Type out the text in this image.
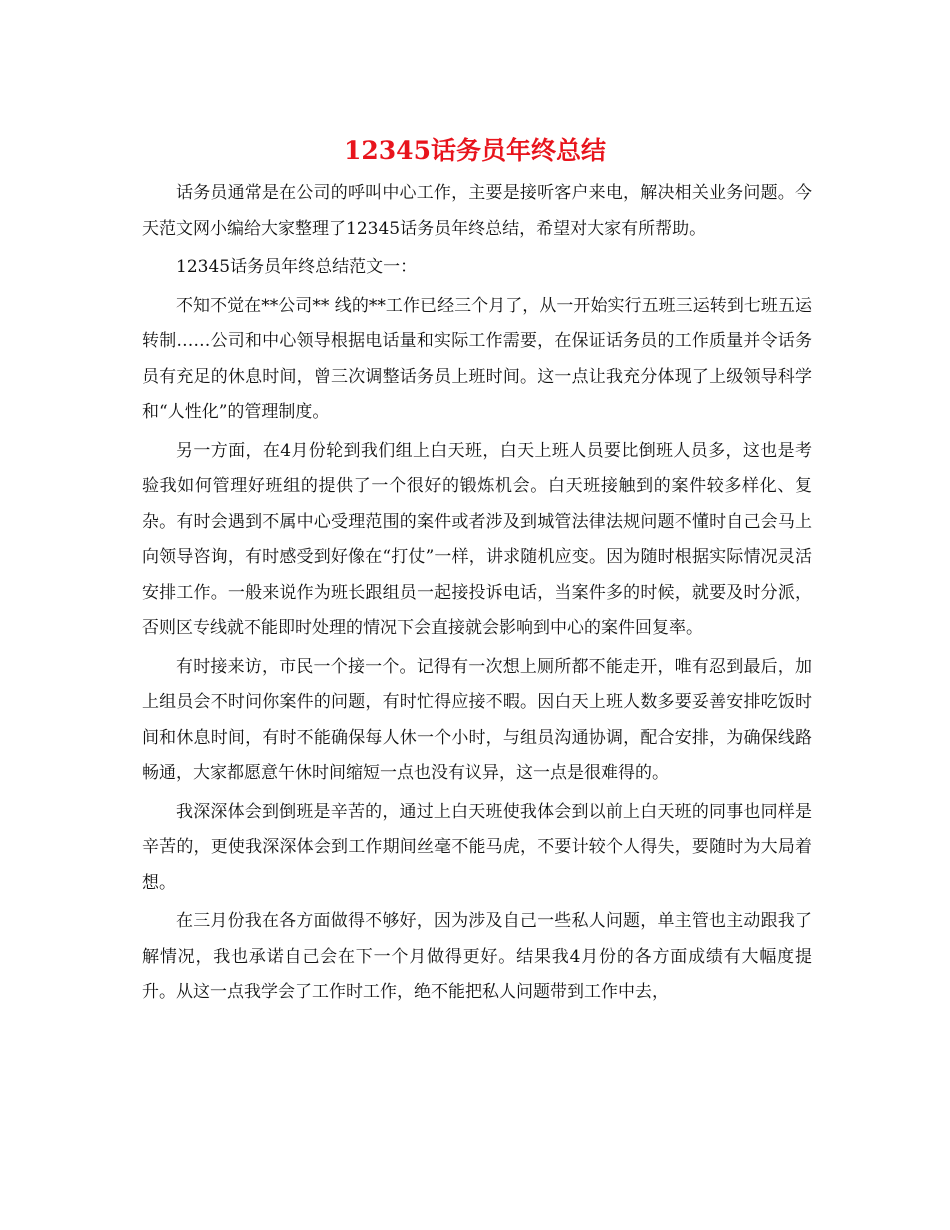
12345话务员年终总结

话务员通常是在公司的呼叫中心工作，主要是接听客户来电，解决相关业务问题。今天范文网小编给大家整理了12345话务员年终总结，希望对大家有所帮助。

12345话务员年终总结范文一：

不知不觉在**公司** 线的**工作已经三个月了，从一开始实行五班三运转到七班五运转制……公司和中心领导根据电话量和实际工作需要，在保证话务员的工作质量并令话务员有充足的休息时间，曾三次调整话务员上班时间。这一点让我充分体现了上级领导科学和“人性化”的管理制度。

另一方面，在4月份轮到我们组上白天班，白天上班人员要比倒班人员多，这也是考验我如何管理好班组的提供了一个很好的锻炼机会。白天班接触到的案件较多样化、复杂。有时会遇到不属中心受理范围的案件或者涉及到城管法律法规问题不懂时自己会马上向领导咨询，有时感受到好像在“打仗”一样，讲求随机应变。因为随时根据实际情况灵活安排工作。一般来说作为班长跟组员一起接投诉电话，当案件多的时候，就要及时分派，否则区专线就不能即时处理的情况下会直接就会影响到中心的案件回复率。

有时接来访，市民一个接一个。记得有一次想上厕所都不能走开，唯有忍到最后，加上组员会不时问你案件的问题，有时忙得应接不暇。因白天上班人数多要妥善安排吃饭时间和休息时间，有时不能确保每人休一个小时，与组员沟通协调，配合安排，为确保线路畅通，大家都愿意午休时间缩短一点也没有议异，这一点是很难得的。

我深深体会到倒班是辛苦的，通过上白天班使我体会到以前上白天班的同事也同样是辛苦的，更使我深深体会到工作期间丝毫不能马虎，不要计较个人得失，要随时为大局着想。

在三月份我在各方面做得不够好，因为涉及自己一些私人问题，单主管也主动跟我了解情况，我也承诺自己会在下一个月做得更好。结果我4月份的各方面成绩有大幅度提升。从这一点我学会了工作时工作，绝不能把私人问题带到工作中去，
